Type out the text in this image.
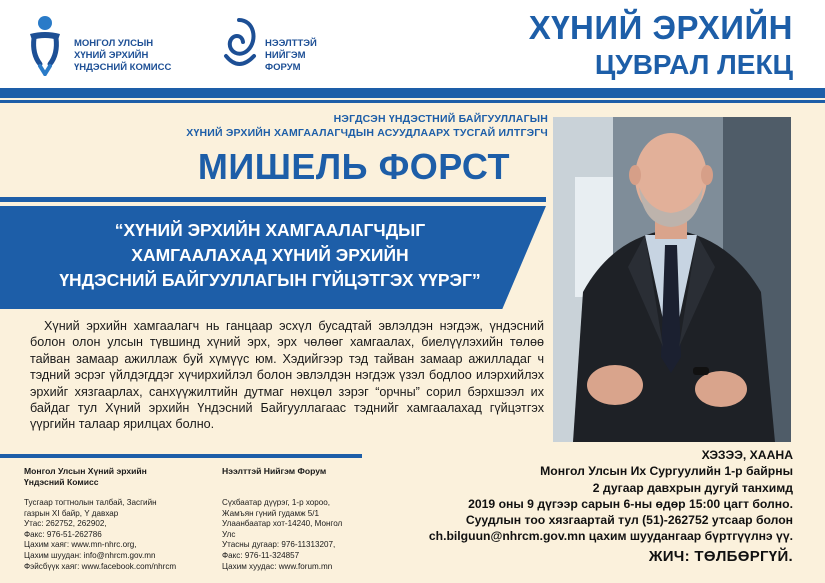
МОНГОЛ УЛСЫН
ХҮНИЙ ЭРХИЙН
ҮНДЭСНИЙ КОМИСС
НЭЭЛТТЭЙ
НИЙГЭМ
ФОРУМ
ХҮНИЙ ЭРХИЙН
ЦУВРАЛ ЛЕКЦ
НЭГДСЭН ҮНДЭСТНИЙ БАЙГУУЛЛАГЫН
ХҮНИЙ ЭРХИЙН ХАМГААЛАГЧДЫН АСУУДЛААРХ ТУСГАЙ ИЛТГЭГЧ
МИШЕЛЬ ФОРСТ
“ХҮНИЙ ЭРХИЙН ХАМГААЛАГЧДЫГ
ХАМГААЛАХАД ХҮНИЙ ЭРХИЙН
ҮНДЭСНИЙ БАЙГУУЛЛАГЫН ГҮЙЦЭТГЭХ ҮҮРЭГ”
Хүний эрхийн хамгаалагч нь ганцаар эсхүл бусадтай эвлэлдэн нэгдэж, үндэсний болон олон улсын түвшинд хүний эрх, эрх чөлөөг хамгаалах, биелүүлэхийн төлөө тайван замаар ажиллаж буй хүмүүс юм. Хэдийгээр тэд тайван замаар ажилладаг ч тэдний эсрэг үйлдэгддэг хүчирхийлэл болон эвлэлдэн нэгдэж үзэл бодлоо илэрхийлэх эрхийг хязгаарлах, санхүүжилтийн дутмаг нөхцөл зэрэг “орчны” сорил бэрхшээл их байдаг тул Хүний эрхийн Үндэсний Байгууллагаас тэднийг хамгаалахад гүйцэтгэх үүргийн талаар ярилцах болно.
Монгол Улсын Хүний эрхийн
Үндэсний Комисс
Тусгаар тогтнолын талбай, Засгийн
газрын XI байр, Y давхар
Утас: 262752, 262902,
Факс: 976-51-262786
Цахим хаяг: www.mn-nhrc.org,
Цахим шуудан: info@nhrcm.gov.mn
Фэйсбүүк хаяг: www.facebook.com/nhrcm
Нээлттэй Нийгэм Форум
Сүхбаатар дүүрэг, 1-р хороо,
Жамъян гүний гудамж 5/1
Улаанбаатар хот-14240, Монгол
Улс
Утасны дугаар: 976-11313207,
Факс: 976-11-324857
Цахим хуудас: www.forum.mn
ХЭЗЭЭ, ХААНА
Монгол Улсын Их Сургуулийн 1-р байрны
2 дугаар давхрын дугуй танхимд
2019 оны 9 дүгээр сарын 6-ны өдөр 15:00 цагт болно.
Суудлын тоо хязгаартай тул (51)-262752 утсаар болон
ch.bilguun@nhrcm.gov.mn цахим шуудангаар бүртгүүлнэ үү.
ЖИЧ: ТӨЛБӨРГҮЙ.
